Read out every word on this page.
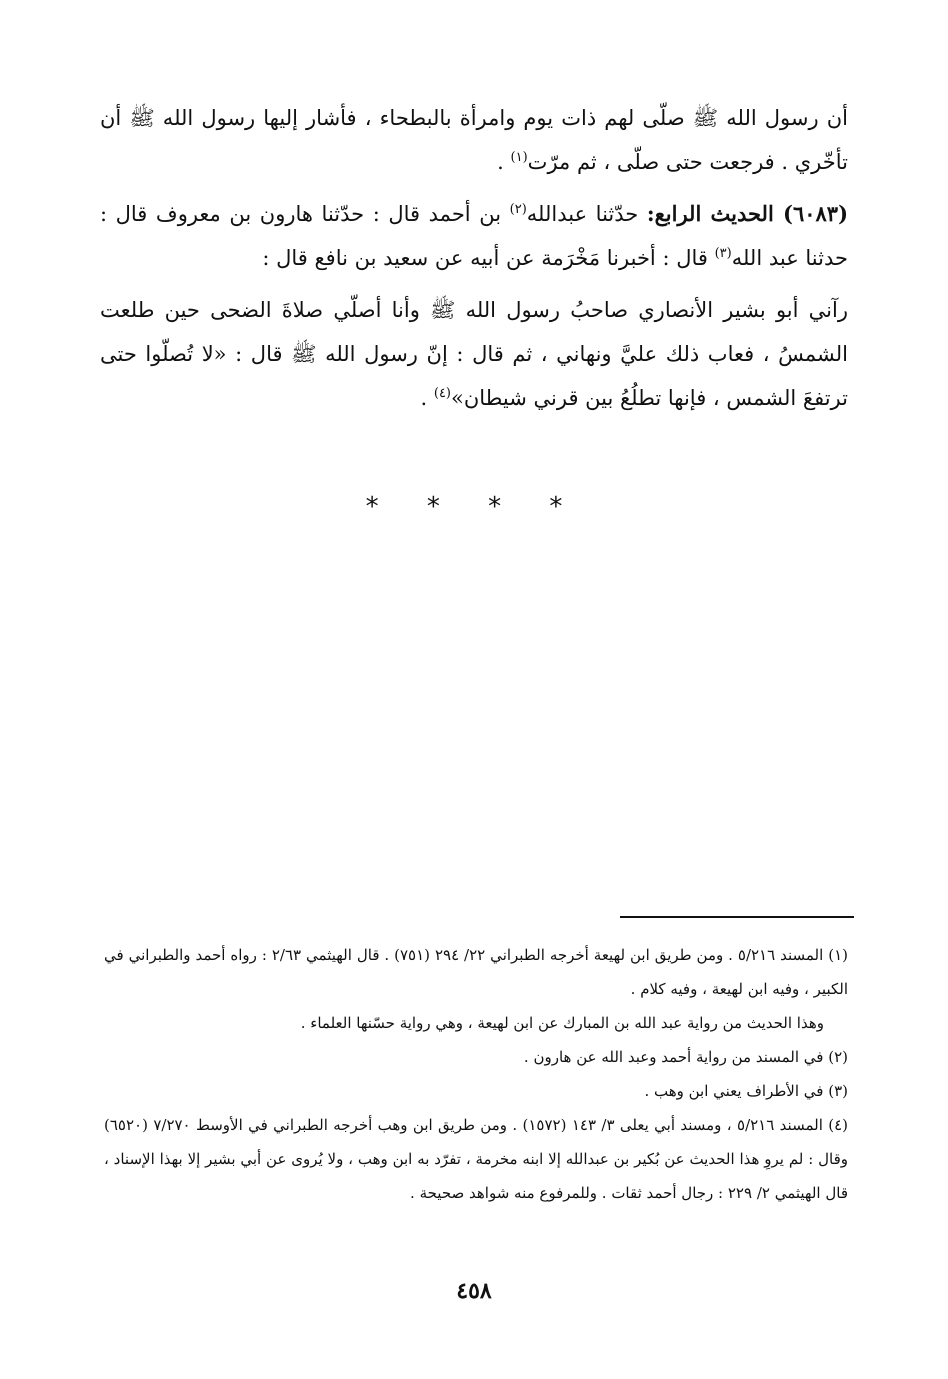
أن رسول الله ﷺ صلّى لهم ذات يوم وامرأة بالبطحاء ، فأشار إليها رسول الله ﷺ أن تأخّري . فرجعت حتى صلّى ، ثم مرّت$^{(١)}$ .

(٦٠٨٣) الحديث الرابع: حدّثنا عبدالله$^{(٢)}$ بن أحمد قال : حدّثنا هارون بن معروف قال : حدثنا عبد الله$^{(٣)}$ قال : أخبرنا مَخْرَمة عن أبيه عن سعيد بن نافع قال :

رآني أبو بشير الأنصاري صاحبُ رسول الله ﷺ وأنا أصلّي صلاةَ الضحى حين طلعت الشمسُ ، فعاب ذلك عليَّ ونهاني ، ثم قال : إنّ رسول الله ﷺ قال : «لا تُصلّوا حتى ترتفعَ الشمس ، فإنها تطلُعُ بين قرني شيطان»$^{(٤)}$ .

* * * *

(١) المسند ٥/٢١٦ . ومن طريق ابن لهيعة أخرجه الطبراني ٢٢/ ٢٩٤ (٧٥١) . قال الهيثمي ٢/٦٣ : رواه أحمد والطبراني في الكبير ، وفيه ابن لهيعة ، وفيه كلام .

وهذا الحديث من رواية عبد الله بن المبارك عن ابن لهيعة ، وهي رواية حسّنها العلماء .

(٢) في المسند من رواية أحمد وعبد الله عن هارون .

(٣) في الأطراف يعني ابن وهب .

(٤) المسند ٥/٢١٦ ، ومسند أبي يعلى ٣/ ١٤٣ (١٥٧٢) . ومن طريق ابن وهب أخرجه الطبراني في الأوسط ٧/٢٧٠ (٦٥٢٠) وقال : لم يروِ هذا الحديث عن بُكير بن عبدالله إلا ابنه مخرمة ، تفرّد به ابن وهب ، ولا يُروى عن أبي بشير إلا بهذا الإسناد ، قال الهيثمي ٢/ ٢٢٩ : رجال أحمد ثقات . وللمرفوع منه شواهد صحيحة .

٤٥٨
